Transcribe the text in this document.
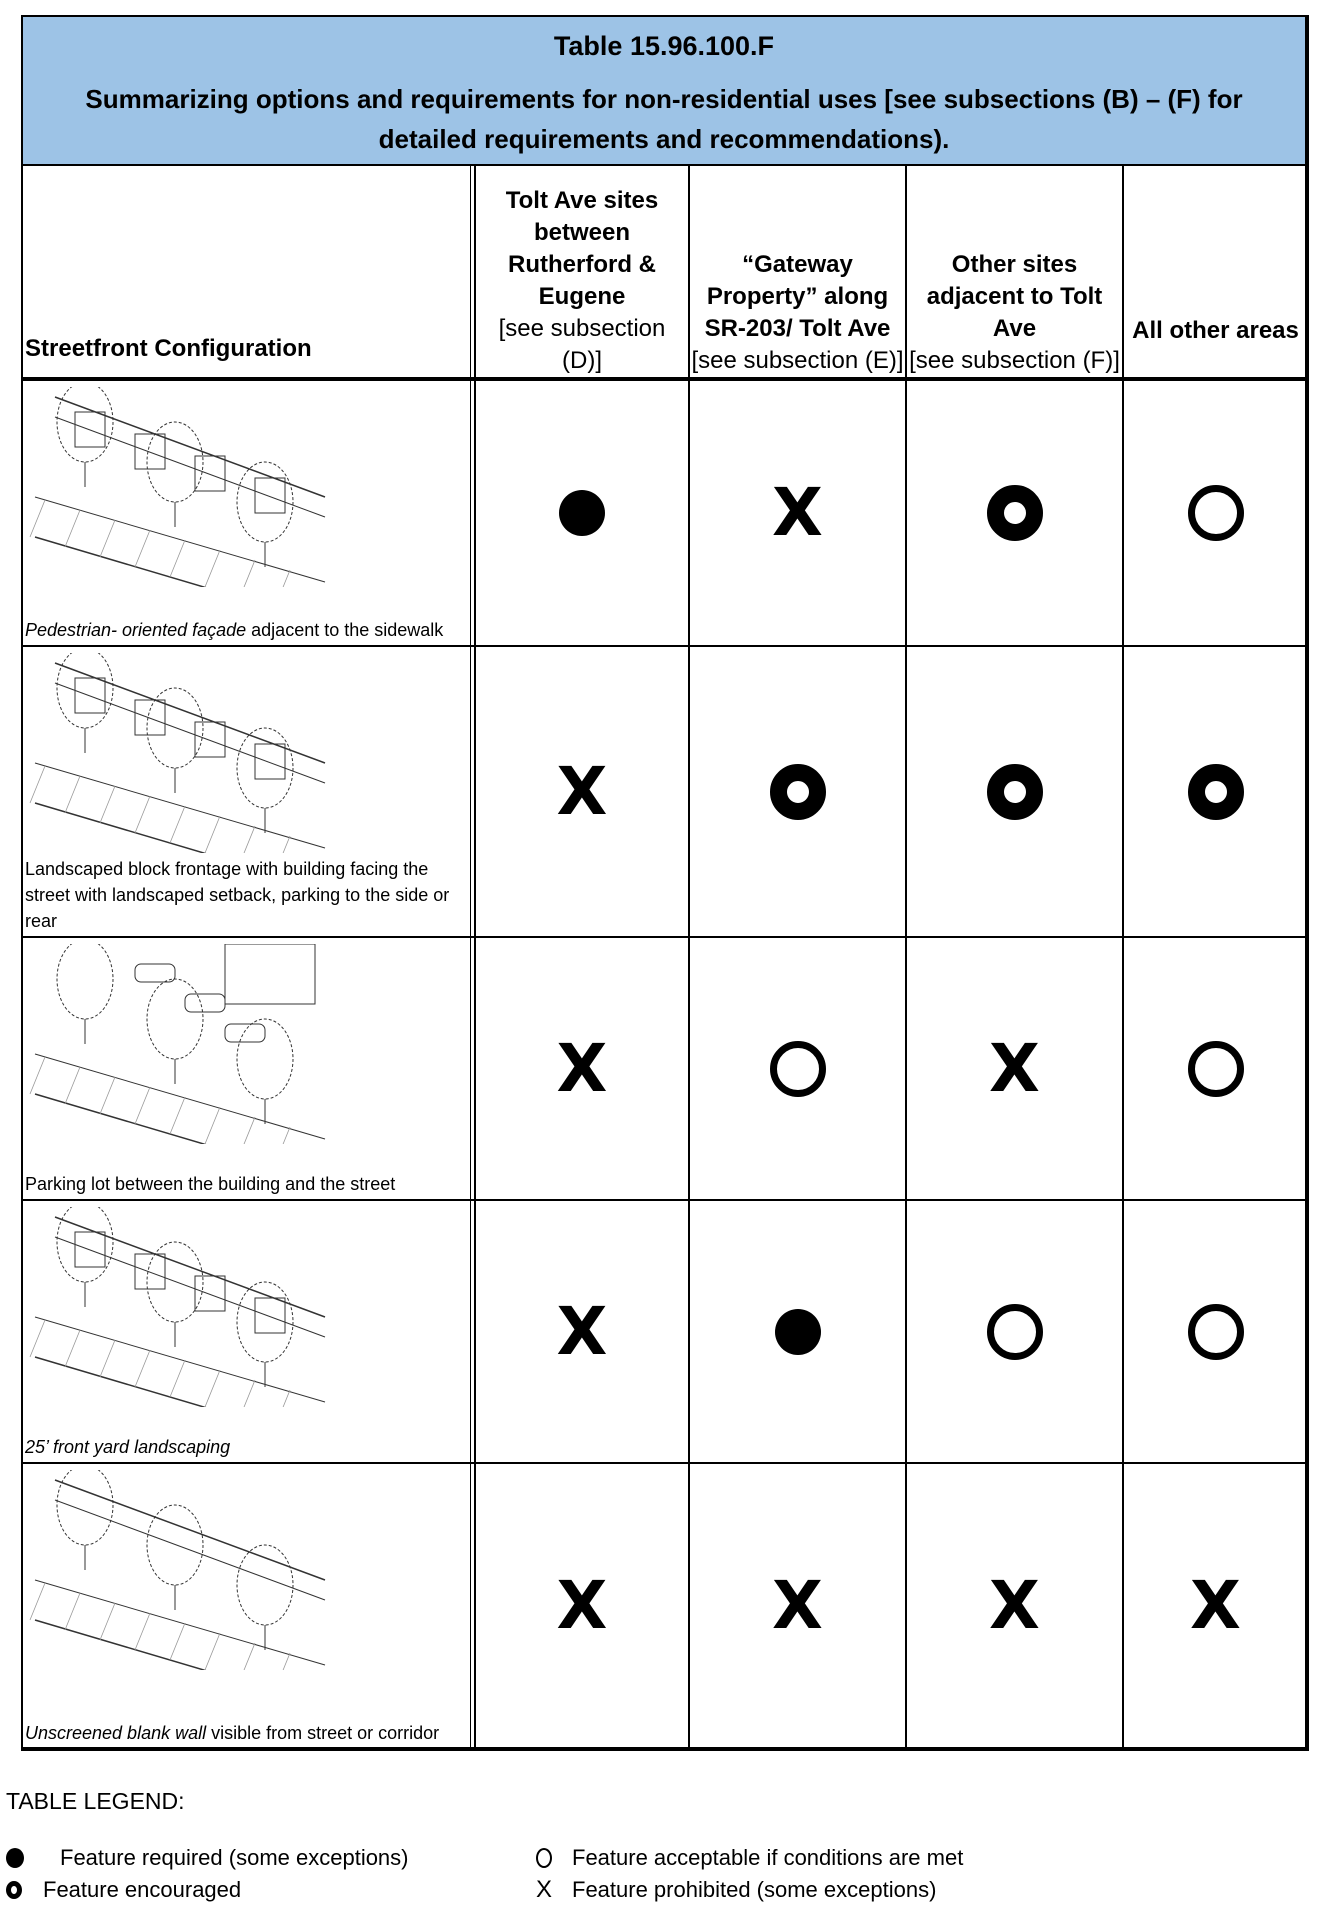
Table 15.96.100.F
Summarizing options and requirements for non-residential uses [see subsections (B) – (F) for detailed requirements and recommendations).
Streetfront Configuration
Tolt Ave sites between Rutherford & Eugene
[see subsection (D)]
“Gateway Property” along SR-203/ Tolt Ave
[see subsection (E)]
Other sites adjacent to Tolt Ave
[see subsection (F)]
All other areas
Pedestrian- oriented façade adjacent to the sidewalk
X
Landscaped block frontage with building facing the street with landscaped setback, parking to the side or rear
X
Parking lot between the building and the street
X	X
25’ front yard landscaping
X
Unscreened blank wall visible from street or corridor
X X	X X
TABLE LEGEND:
Feature required (some exceptions)
Feature encouraged
Feature acceptable if conditions are met
X Feature prohibited (some exceptions)
